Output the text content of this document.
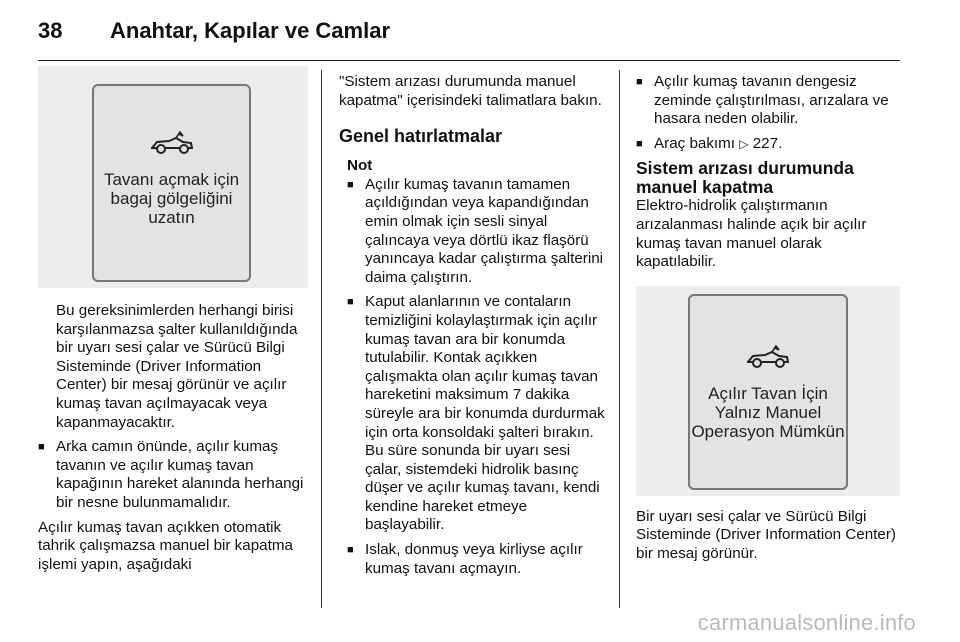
38 Anahtar, Kapılar ve Camlar
Tavanı açmak için bagaj gölgeliğini uzatın

Bu gereksinimlerden herhangi birisi karşılanmazsa şalter kullanıldığında bir uyarı sesi çalar ve Sürücü Bilgi Sisteminde (Driver Information Center) bir mesaj görünür ve açılır kumaş tavan açılmayacak veya kapanmayacaktır.

■ Arka camın önünde, açılır kumaş tavanın ve açılır kumaş tavan kapağının hareket alanında herhangi bir nesne bulunmamalıdır.

Açılır kumaş tavan açıkken otomatik tahrik çalışmazsa manuel bir kapatma işlemi yapın, aşağıdaki

"Sistem arızası durumunda manuel kapatma" içerisindeki talimatlara bakın.

Genel hatırlatmalar
Not
■ Açılır kumaş tavanın tamamen açıldığından veya kapandığından emin olmak için sesli sinyal çalıncaya veya dörtlü ikaz flaşörü yanıncaya kadar çalıştırma şalterini daima çalıştırın.
■ Kaput alanlarının ve contaların temizliğini kolaylaştırmak için açılır kumaş tavan ara bir konumda tutulabilir. Kontak açıkken çalışmakta olan açılır kumaş tavan hareketini maksimum 7 dakika süreyle ara bir konumda durdurmak için orta konsoldaki şalteri bırakın. Bu süre sonunda bir uyarı sesi çalar, sistemdeki hidrolik basınç düşer ve açılır kumaş tavanı, kendi kendine hareket etmeye başlayabilir.
■ Islak, donmuş veya kirliyse açılır kumaş tavanı açmayın.
■ Açılır kumaş tavanın dengesiz zeminde çalıştırılması, arızalara ve hasara neden olabilir.
■ Araç bakımı ▷ 227.
Sistem arızası durumunda manuel kapatma

Elektro-hidrolik çalıştırmanın arızalanması halinde açık bir açılır kumaş tavan manuel olarak kapatılabilir.

Açılır Tavan İçin Yalnız Manuel Operasyon Mümkün

Bir uyarı sesi çalar ve Sürücü Bilgi Sisteminde (Driver Information Center) bir mesaj görünür.

carmanualsonline.info
